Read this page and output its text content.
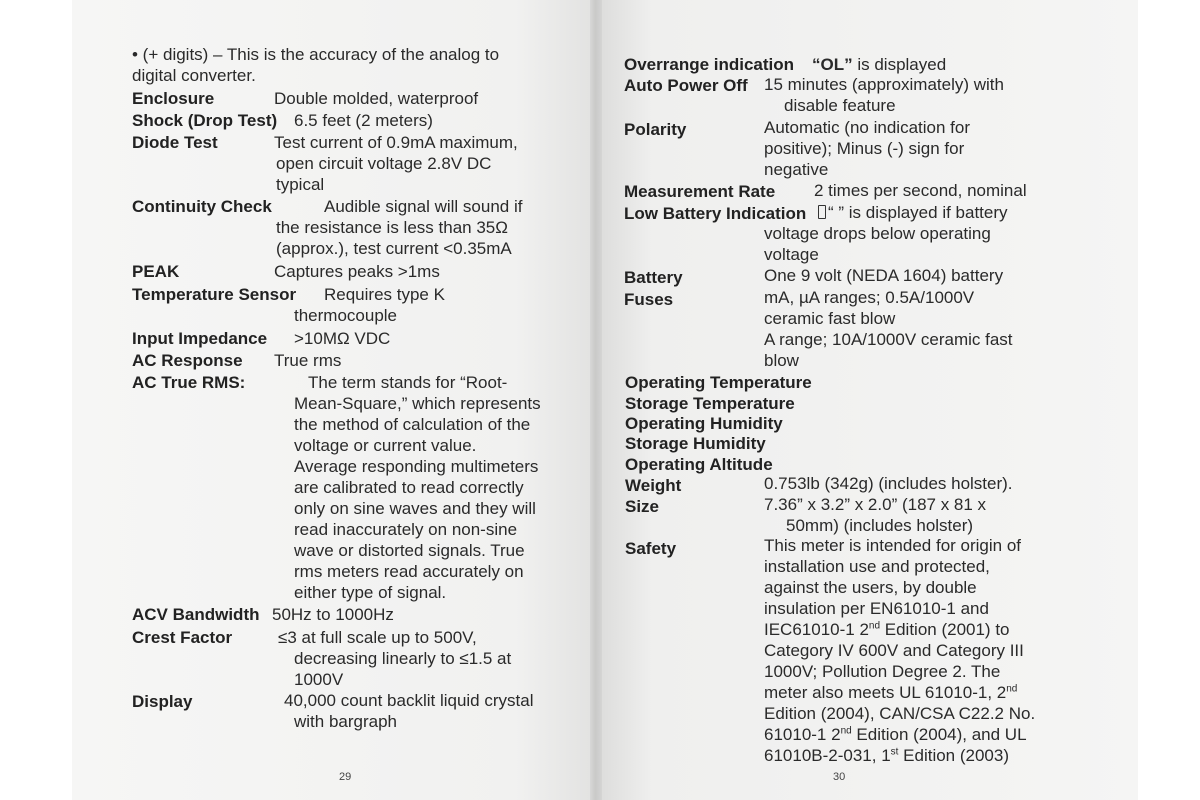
• (+ digits) – This is the accuracy of the analog to
digital converter.
Enclosure	Double molded, waterproof
Shock (Drop Test) 6.5 feet (2 meters)
Diode Test	Test current of 0.9mA maximum,
open circuit voltage 2.8V DC
typical
Continuity Check	Audible signal will sound if
the resistance is less than 35Ω
(approx.), test current <0.35mA
PEAK	Captures peaks >1ms
Temperature Sensor Requires type K
thermocouple
Input Impedance >10MΩ VDC
AC Response True rms
AC True RMS:	The term stands for “Root-
Mean-Square,” which represents
the method of calculation of the
voltage or current value.
Average responding multimeters
are calibrated to read correctly
only on sine waves and they will
read inaccurately on non-sine
wave or distorted signals. True
rms meters read accurately on
either type of signal.
ACV Bandwidth 50Hz to 1000Hz
Crest Factor	≤3 at full scale up to 500V,
decreasing linearly to ≤1.5 at
1000V
Display	40,000 count backlit liquid crystal
with bargraph
29
Overrange indication “OL” is displayed
Auto Power Off 15 minutes (approximately) with
disable feature
Polarity	Automatic (no indication for
positive); Minus (-) sign for
negative
Measurement Rate 2 times per second, nominal
Low Battery Indication	“ ” is displayed if battery
voltage drops below operating
voltage
Battery	One 9 volt (NEDA 1604) battery
Fuses	mA, µA ranges; 0.5A/1000V
ceramic fast blow
A range; 10A/1000V ceramic fast
blow
Operating Temperature
Storage Temperature
Operating Humidity
Storage Humidity
Operating Altitude
Weight	0.753lb (342g) (includes holster).
Size	7.36” x 3.2” x 2.0” (187 x 81 x
50mm) (includes holster)
Safety	This meter is intended for origin of
installation use and protected,
against the users, by double
insulation per EN61010-1 and
IEC61010-1 2nd Edition (2001) to
Category IV 600V and Category III
1000V; Pollution Degree 2. The
meter also meets UL 61010-1, 2nd
Edition (2004), CAN/CSA C22.2 No.
61010-1 2nd Edition (2004), and UL
61010B-2-031, 1st Edition (2003)
30
